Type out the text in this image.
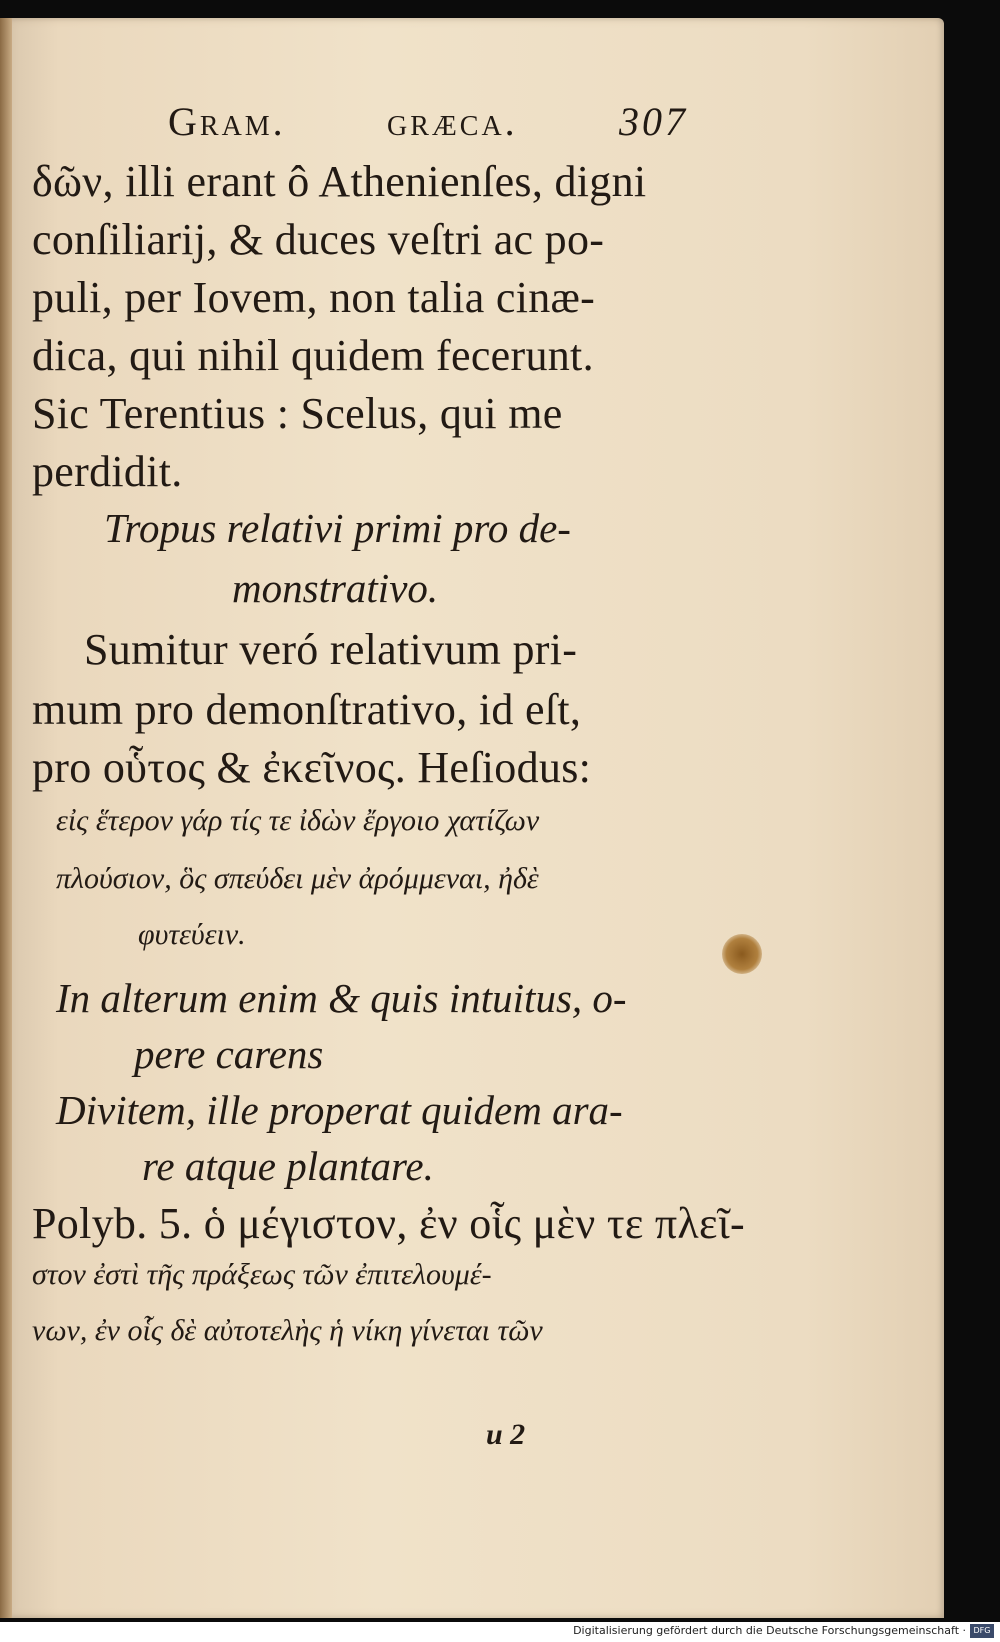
Gram.	græca.	307
δῶν, illi erant ô Athenienſes, digni
conſiliarij, & duces veſtri ac po-
puli, per Iovem, non talia cinæ-
dica, qui nihil quidem fecerunt.
Sic Terentius : Scelus, qui me
perdidit.
Tropus relativi primi pro de-
monstrativo.
Sumitur veró relativum pri-
mum pro demonſtrativo, id eſt,
pro οὗτος & ἐκεῖνος. Heſiodus:
εἰς ἕτερον γάρ τίς τε ἰδὼν ἔργοιο χατίζων
πλούσιον, ὃς σπεύδει μὲν ἀρόμμεναι, ἠδὲ
φυτεύειν.
In alterum enim & quis intuitus, o-
pere carens
Divitem, ille properat quidem ara-
re atque plantare.
Polyb. 5. ὁ μέγιστον, ἐν οἷς μὲν τε πλεῖ-
στον ἐστὶ τῆς πράξεως τῶν ἐπιτελουμέ-
νων, ἐν οἷς δὲ αὐτοτελὴς ἡ νίκη γίνεται τῶν
u 2
Digitalisierung gefördert durch die Deutsche Forschungsgemeinschaft · DFG
